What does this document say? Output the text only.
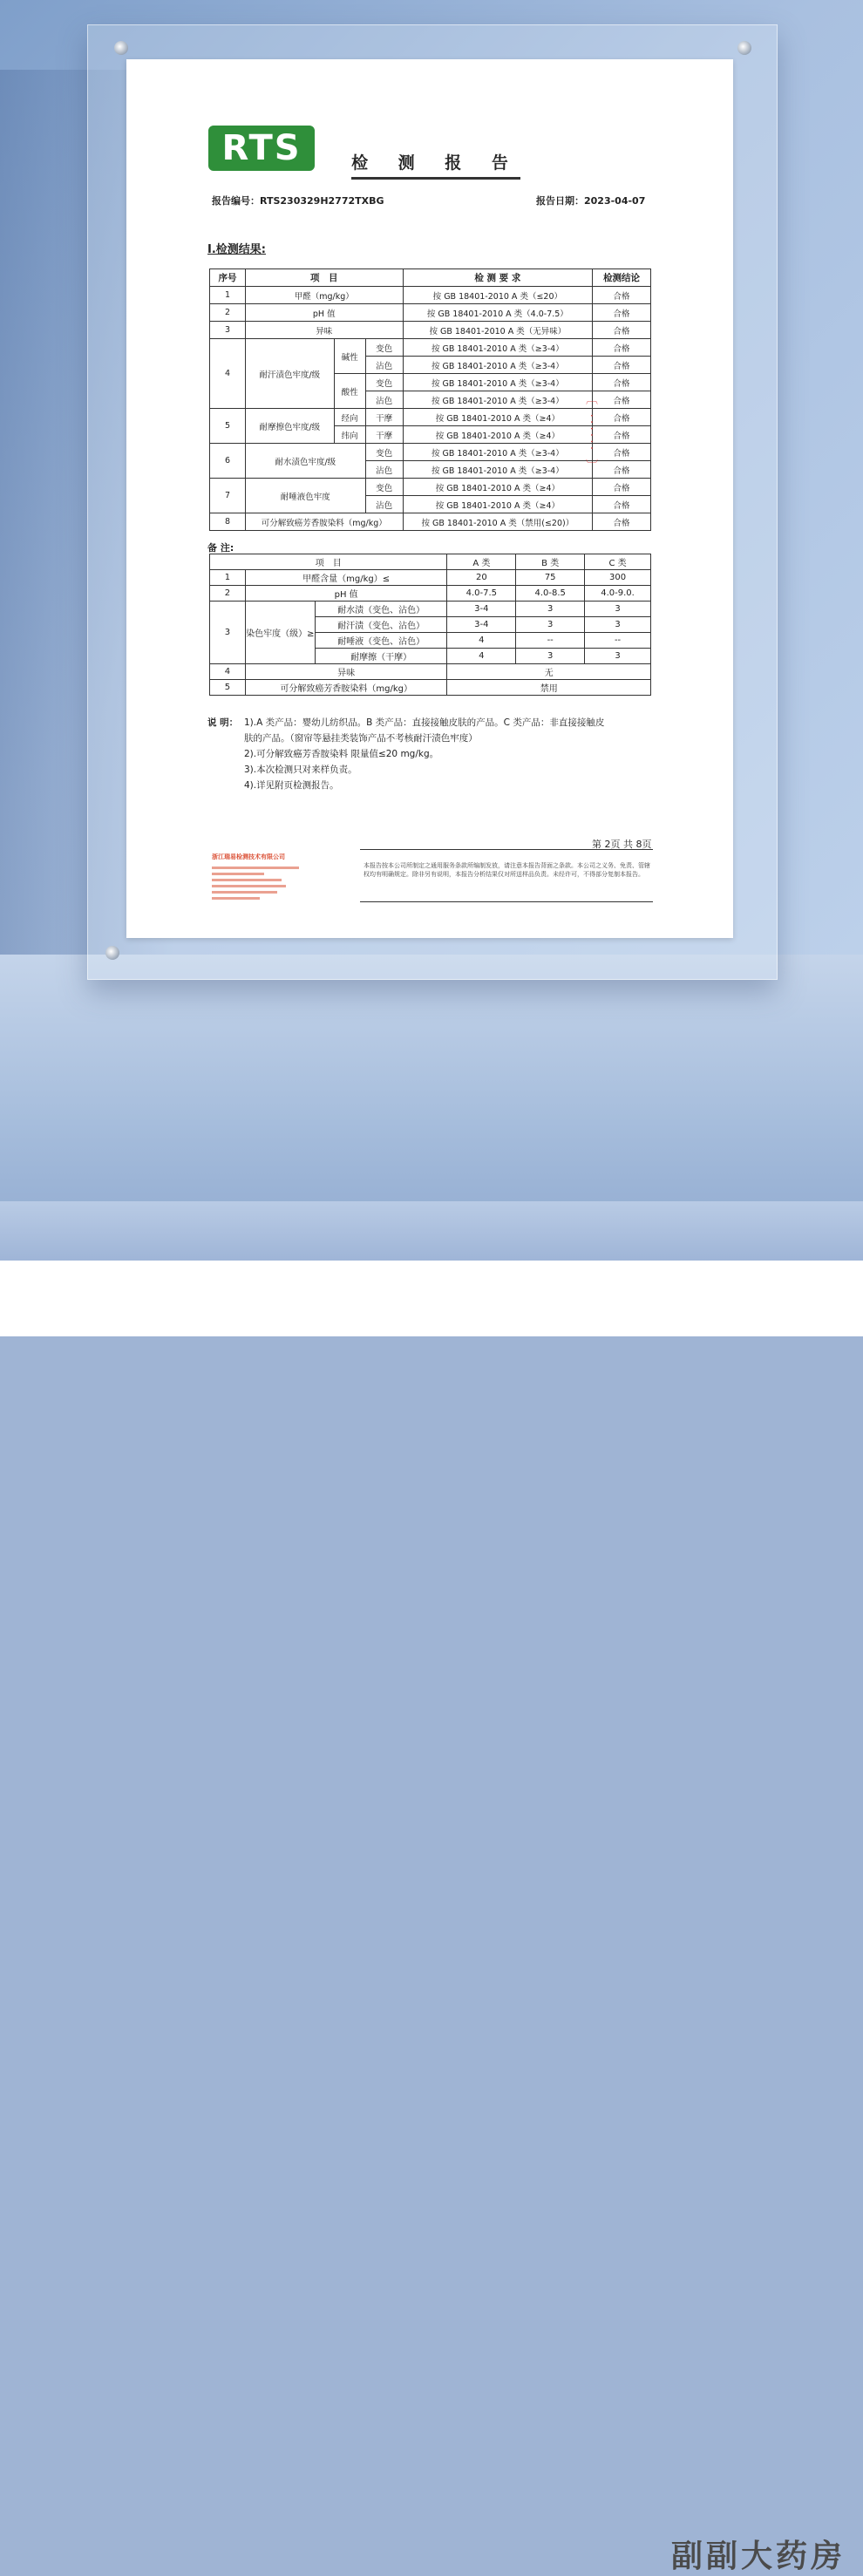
RTS	检 测 报 告
报告编号：RTS230329H2772TXBG	报告日期：2023-04-07
I.检测结果:
序号	项　目			检 测 要 求	检测结论
1	甲醛（mg/kg）			按 GB 18401-2010 A 类（≤20）	合格
2	pH 值			按 GB 18401-2010 A 类（4.0-7.5）	合格
3	异味			按 GB 18401-2010 A 类（无异味）	合格
4	耐汗渍色牢度/级	碱性	变色	按 GB 18401-2010 A 类（≥3-4）	合格
			沾色	按 GB 18401-2010 A 类（≥3-4）	合格
		酸性	变色	按 GB 18401-2010 A 类（≥3-4）	合格
			沾色	按 GB 18401-2010 A 类（≥3-4）	合格
5	耐摩擦色牢度/级	经向	干摩	按 GB 18401-2010 A 类（≥4）	合格
		纬向	干摩	按 GB 18401-2010 A 类（≥4）	合格
6	耐水渍色牢度/级		变色	按 GB 18401-2010 A 类（≥3-4）	合格
			沾色	按 GB 18401-2010 A 类（≥3-4）	合格
7	耐唾液色牢度		变色	按 GB 18401-2010 A 类（≥4）	合格
			沾色	按 GB 18401-2010 A 类（≥4）	合格
8	可分解致癌芳香胺染料（mg/kg）			按 GB 18401-2010 A 类（禁用(≤20)）	合格
备 注:
项　目			A 类	B 类	C 类
1	甲醛含量（mg/kg）≤		20	75	300
2	pH 值		4.0-7.5	4.0-8.5	4.0-9.0.
3	染色牢度（级）≥	耐水渍（变色、沾色）	3-4	3	3
		耐汗渍（变色、沾色）	3-4	3	3
		耐唾液（变色、沾色）	4	--	--
		耐摩擦（干摩）	4	3	3
4	异味		无		
5	可分解致癌芳香胺染料（mg/kg）		禁用		
说 明： 1).A 类产品：婴幼儿纺织品。B 类产品：直接接触皮肤的产品。C 类产品：非直接接触皮
肤的产品。（窗帘等悬挂类装饰产品不考核耐汗渍色牢度）
2).可分解致癌芳香胺染料 限量值≤20 mg/kg。
3).本次检测只对来样负责。
4).详见附页检测报告。
第 2页 共 8页
本报告按本公司所制定之通用服务条款所编制发放，请注意本报告背面之条款。本公司之义务、免责、管辖权均有明确规定。除非另有说明，本报告分析结果仅对所送样品负责。未经许可，不得部分复制本报告。
浙江瑞易检测技术有限公司
〔 ······ 〕
副副大药房
